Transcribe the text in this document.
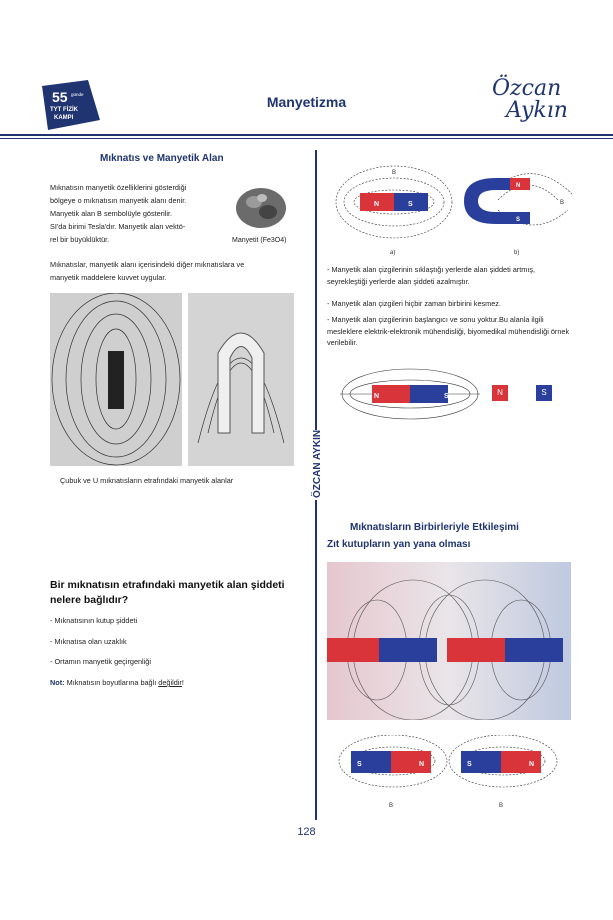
55 günde
TYT FİZİK
KAMPI
Manyetizma
Özcan
Aykın
Mıknatıs ve Manyetik Alan
Mıknatısın manyetik özelliklerini gösterdiği
bölgeye o mıknatısın manyetik alanı denir.
Manyetik alan B sembolüyle gösterilir.
SI'da birimi Tesla'dır. Manyetik alan vektö-
rel bir büyüklüktür.
Mıknatıslar, manyetik alanı içerisindeki diğer mıknatıslara ve
manyetik maddelere kuvvet uygular.
Manyetit (Fe3O4)
Çubuk ve U mıknatısların etrafındaki manyetik alanlar
Bir mıknatısın etrafındaki manyetik alan şiddeti nelere bağlıdır?
- Mıknatısının kutup şiddeti
- Mıknatısa olan uzaklık
- Ortamın manyetik geçirgenliği
Not: Mıknatısın boyutlarına bağlı değildir!
ÖZCAN AYKIN
N	S
B
a)
N
S
B
b)
- Manyetik alan çizgilerinin sıklaştığı yerlerde alan şiddeti artmış, seyrekleştiği yerlerde alan şiddeti azalmıştır.
- Manyetik alan çizgileri hiçbir zaman birbirini kesmez.
- Manyetik alan çizgilerinin başlangıcı ve sonu yoktur.Bu alanla ilgili mesleklere elektrik-elektronik mühendisliği, biyomedikal mühendisliği örnek verilebilir.
N	S	N	S
Mıknatısların Birbirleriyle Etkileşimi
Zıt kutupların yan yana olması
S	N	S	N
B	B
128
